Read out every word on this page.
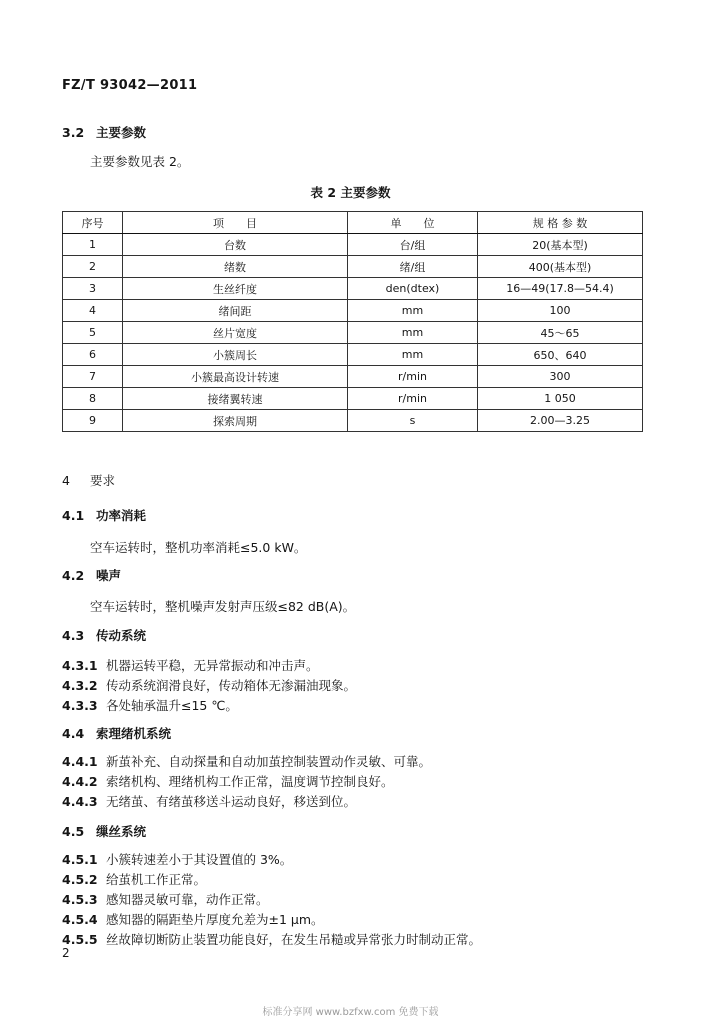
FZ/T 93042—2011
3.2 主要参数
主要参数见表 2。
表 2 主要参数
序号	项　　目	单　　位	规 格 参 数
1	台数	台/组	20(基本型)
2	绪数	绪/组	400(基本型)
3	生丝纤度	den(dtex)	16—49(17.8—54.4)
4	绪间距	mm	100
5	丝片宽度	mm	45～65
6	小簇周长	mm	650、640
7	小簇最高设计转速	r/min	300
8	接绪翼转速	r/min	1 050
9	探索周期	s	2.00—3.25
4 要求
4.1 功率消耗
空车运转时，整机功率消耗≤5.0 kW。
4.2 噪声
空车运转时，整机噪声发射声压级≤82 dB(A)。
4.3 传动系统
4.3.1 机器运转平稳，无异常振动和冲击声。
4.3.2 传动系统润滑良好，传动箱体无渗漏油现象。
4.3.3 各处轴承温升≤15 ℃。
4.4 索理绪机系统
4.4.1 新茧补充、自动探量和自动加茧控制装置动作灵敏、可靠。
4.4.2 索绪机构、理绪机构工作正常，温度调节控制良好。
4.4.3 无绪茧、有绪茧移送斗运动良好，移送到位。
4.5 缫丝系统
4.5.1 小簇转速差小于其设置值的 3%。
4.5.2 给茧机工作正常。
4.5.3 感知器灵敏可靠，动作正常。
4.5.4 感知器的隔距垫片厚度允差为±1 μm。
4.5.5 丝故障切断防止装置功能良好，在发生吊糙或异常张力时制动正常。
2
标准分享网 www.bzfxw.com 免费下载
